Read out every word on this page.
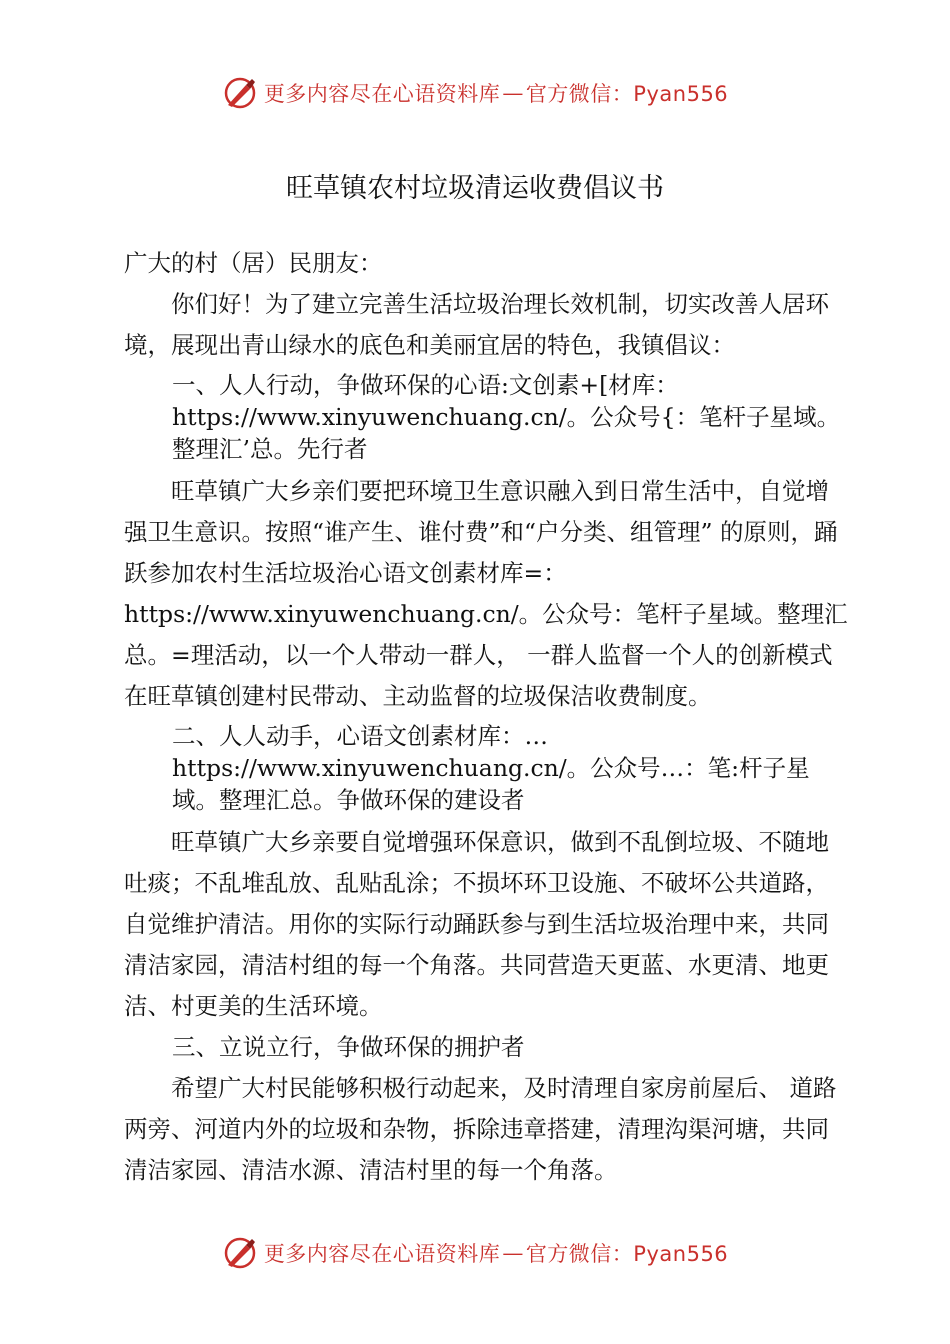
更多内容尽在心语资料库 — 官方微信：Pyan556
旺草镇农村垃圾清运收费倡议书

广大的村（居）民朋友：

你们好！为了建立完善生活垃圾治理长效机制，切实改善人居环境，展现出青山绿水的底色和美丽宜居的特色，我镇倡议：

一、人人行动，争做环保的心语:文创素+[材库：https://www.xinyuwenchuang.cn/。公众号{：笔杆子星域。整理汇’总。先行者

旺草镇广大乡亲们要把环境卫生意识融入到日常生活中，自觉增强卫生意识。按照“谁产生、谁付费”和“户分类、组管理” 的原则，踊跃参加农村生活垃圾治心语文创素材库=：https://www.xinyuwenchuang.cn/。公众号：笔杆子星域。整理汇总。=理活动，以一个人带动一群人， 一群人监督一个人的创新模式在旺草镇创建村民带动、主动监督的垃圾保洁收费制度。

二、人人动手，心语文创素材库：…https://www.xinyuwenchuang.cn/。公众号…：笔:杆子星域。整理汇总。争做环保的建设者

旺草镇广大乡亲要自觉增强环保意识，做到不乱倒垃圾、不随地吐痰；不乱堆乱放、乱贴乱涂；不损坏环卫设施、不破坏公共道路，自觉维护清洁。用你的实际行动踊跃参与到生活垃圾治理中来，共同清洁家园，清洁村组的每一个角落。共同营造天更蓝、水更清、地更洁、村更美的生活环境。

三、立说立行，争做环保的拥护者

希望广大村民能够积极行动起来，及时清理自家房前屋后、 道路两旁、河道内外的垃圾和杂物，拆除违章搭建，清理沟渠河塘，共同清洁家园、清洁水源、清洁村里的每一个角落。

更多内容尽在心语资料库 — 官方微信：Pyan556
